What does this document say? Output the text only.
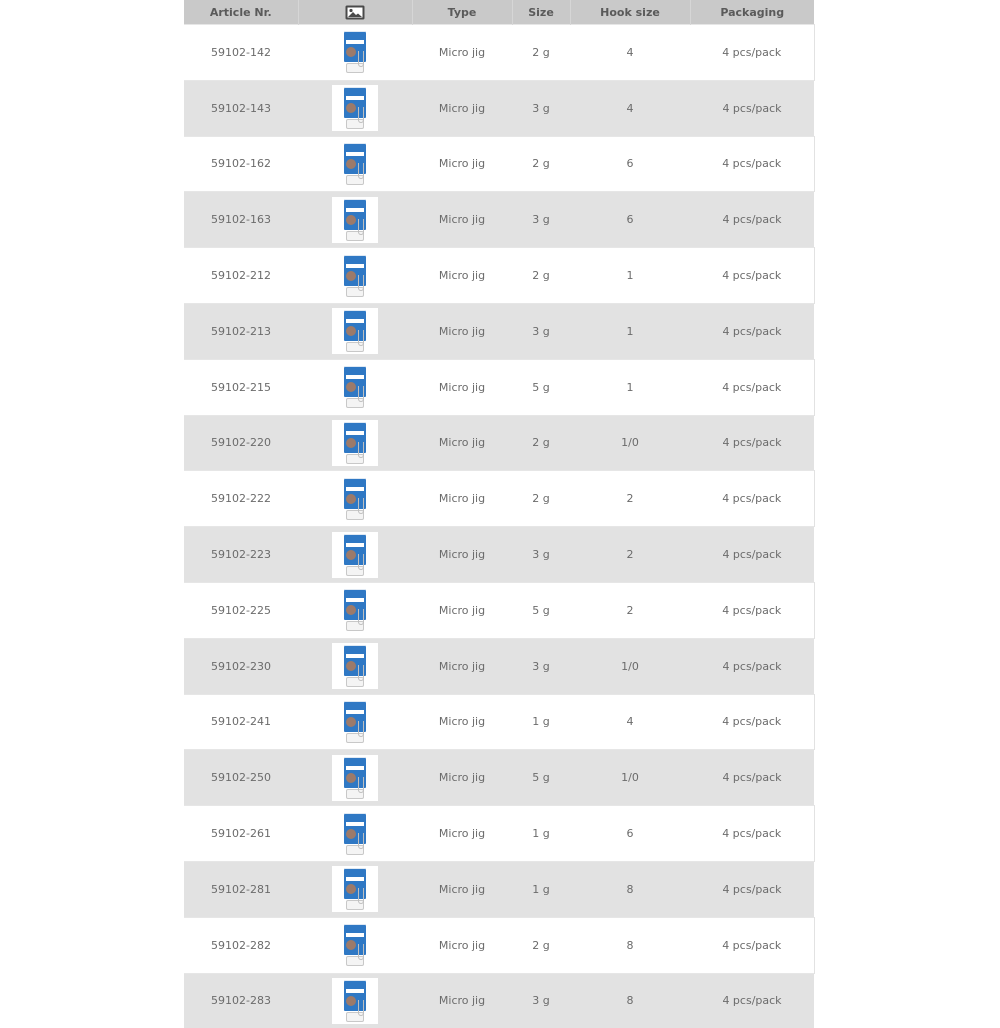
Article Nr.		Type	Size	Hook size	Packaging
59102-142		Micro jig	2 g	4	4 pcs/pack
59102-143		Micro jig	3 g	4	4 pcs/pack
59102-162		Micro jig	2 g	6	4 pcs/pack
59102-163		Micro jig	3 g	6	4 pcs/pack
59102-212		Micro jig	2 g	1	4 pcs/pack
59102-213		Micro jig	3 g	1	4 pcs/pack
59102-215		Micro jig	5 g	1	4 pcs/pack
59102-220		Micro jig	2 g	1/0	4 pcs/pack
59102-222		Micro jig	2 g	2	4 pcs/pack
59102-223		Micro jig	3 g	2	4 pcs/pack
59102-225		Micro jig	5 g	2	4 pcs/pack
59102-230		Micro jig	3 g	1/0	4 pcs/pack
59102-241		Micro jig	1 g	4	4 pcs/pack
59102-250		Micro jig	5 g	1/0	4 pcs/pack
59102-261		Micro jig	1 g	6	4 pcs/pack
59102-281		Micro jig	1 g	8	4 pcs/pack
59102-282		Micro jig	2 g	8	4 pcs/pack
59102-283		Micro jig	3 g	8	4 pcs/pack
